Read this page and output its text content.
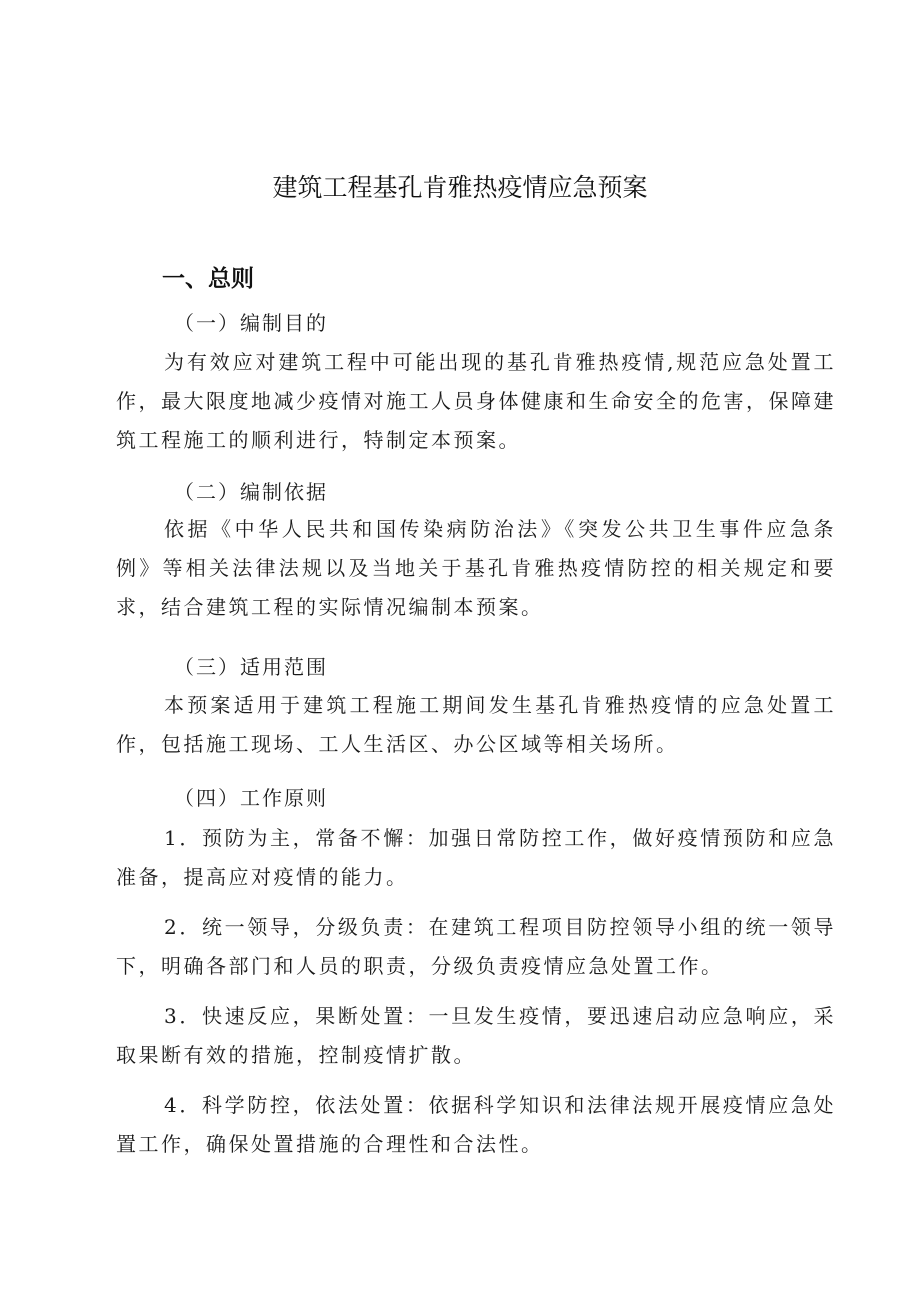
建筑工程基孔肯雅热疫情应急预案
一、总则
（一）编制目的
为有效应对建筑工程中可能出现的基孔肯雅热疫情,规范应急处置工作，最大限度地减少疫情对施工人员身体健康和生命安全的危害，保障建筑工程施工的顺利进行，特制定本预案。
（二）编制依据
依据《中华人民共和国传染病防治法》《突发公共卫生事件应急条例》等相关法律法规以及当地关于基孔肯雅热疫情防控的相关规定和要求，结合建筑工程的实际情况编制本预案。
（三）适用范围
本预案适用于建筑工程施工期间发生基孔肯雅热疫情的应急处置工作，包括施工现场、工人生活区、办公区域等相关场所。
（四）工作原则
1．预防为主，常备不懈：加强日常防控工作，做好疫情预防和应急准备，提高应对疫情的能力。
2．统一领导，分级负责：在建筑工程项目防控领导小组的统一领导下，明确各部门和人员的职责，分级负责疫情应急处置工作。
3．快速反应，果断处置：一旦发生疫情，要迅速启动应急响应，采取果断有效的措施，控制疫情扩散。
4．科学防控，依法处置：依据科学知识和法律法规开展疫情应急处置工作，确保处置措施的合理性和合法性。
